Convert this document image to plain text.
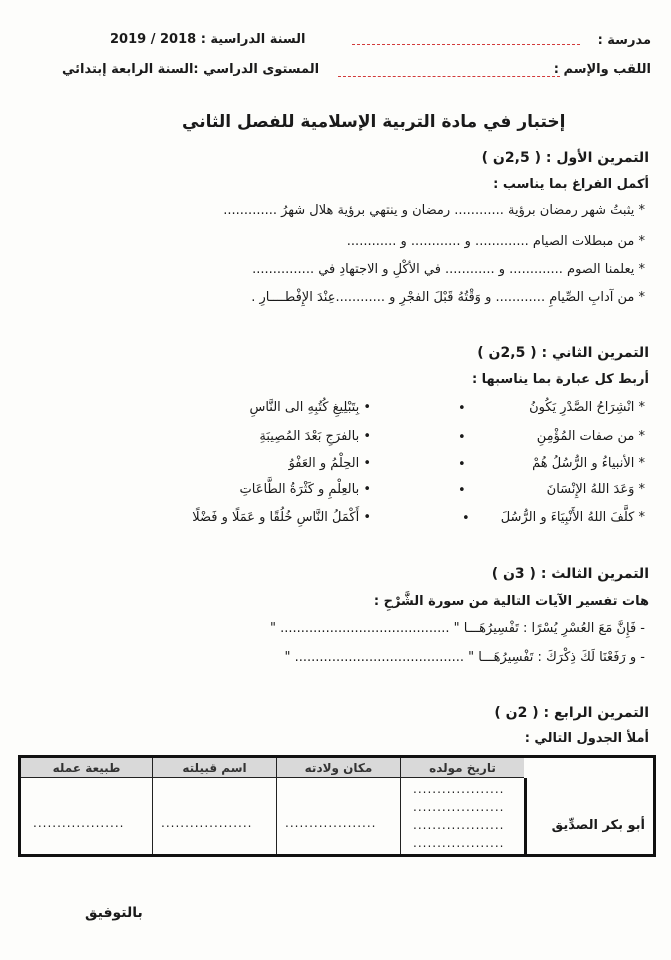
مدرسة :
اللقب والإسم :
2019 / 2018 السنة الدراسية :
المستوى الدراسي :السنة الرابعة إبتدائي
إختبار في مادة التربية الإسلامية للفصل الثاني
التمرين الأول : ( 2,5ن )
أكمل الفراغ بما يناسب :
* يثبتُ شهر رمضان برؤية ............ رمضان و ينتهي برؤية هلال شهرُ .............
* من مبطلات الصيام ............. و ............ و ............
* يعلمنا الصوم ............. و ............ في الأكْلِ و الاجتهادِ في ...............
* من آدابِ الصِّيامِ ............ و وَقْتُهُ قَبْلَ الفجْرِ و ............عِنْدَ الإِفْطــــارِ .
التمرين الثاني : ( 2,5ن )
أربط كل عبارة بما يناسبها :
* انْشِرَاحُ الصَّدْرِ يَكُونُ
* من صفات المُؤْمِنِ
* الأنبياءُ و الرُّسُلُ هُمْ
* وَعَدَ اللهُ الإِنْسَانَ
* كلَّفَ اللهُ الأَنْبِيَاءَ و الرُّسُلَ
•
•
•
•
•
• بِتَبْلِيغِ كُتُبِهِ الى النَّاسِ
• بالفرَجِ بَعْدَ المُصِيبَةِ
• الحِلْمُ و العَفْوُ
• بالعِلْمِ و كَثْرَةُ الطَّاعَاتِ
• أَكْمَلُ النَّاسِ خُلُقًا و عَمَلًا و فَضْلًا
التمرين الثالث : ( 3ن )
هات تفسير الآيات التالية من سورة الشَّرْحِ :
- فَإِنَّ مَعَ العُسْرِ يُسْرًا : تَفْسِيرُهَـــا " ......................................... "
- و رَفَعْنَا لَكَ ذِكْرَكَ : تَفْسِيرُهَـــا " ......................................... "
التمرين الرابع : ( 2ن )
أملأ الجدول التالي :
تاريخ مولده
مكان ولادته
اسم قبيلته
طبيعة عمله
...................	...................	...................
...................
...................
...................
...................
أبو بكر الصدِّيق
بالتوفيق
